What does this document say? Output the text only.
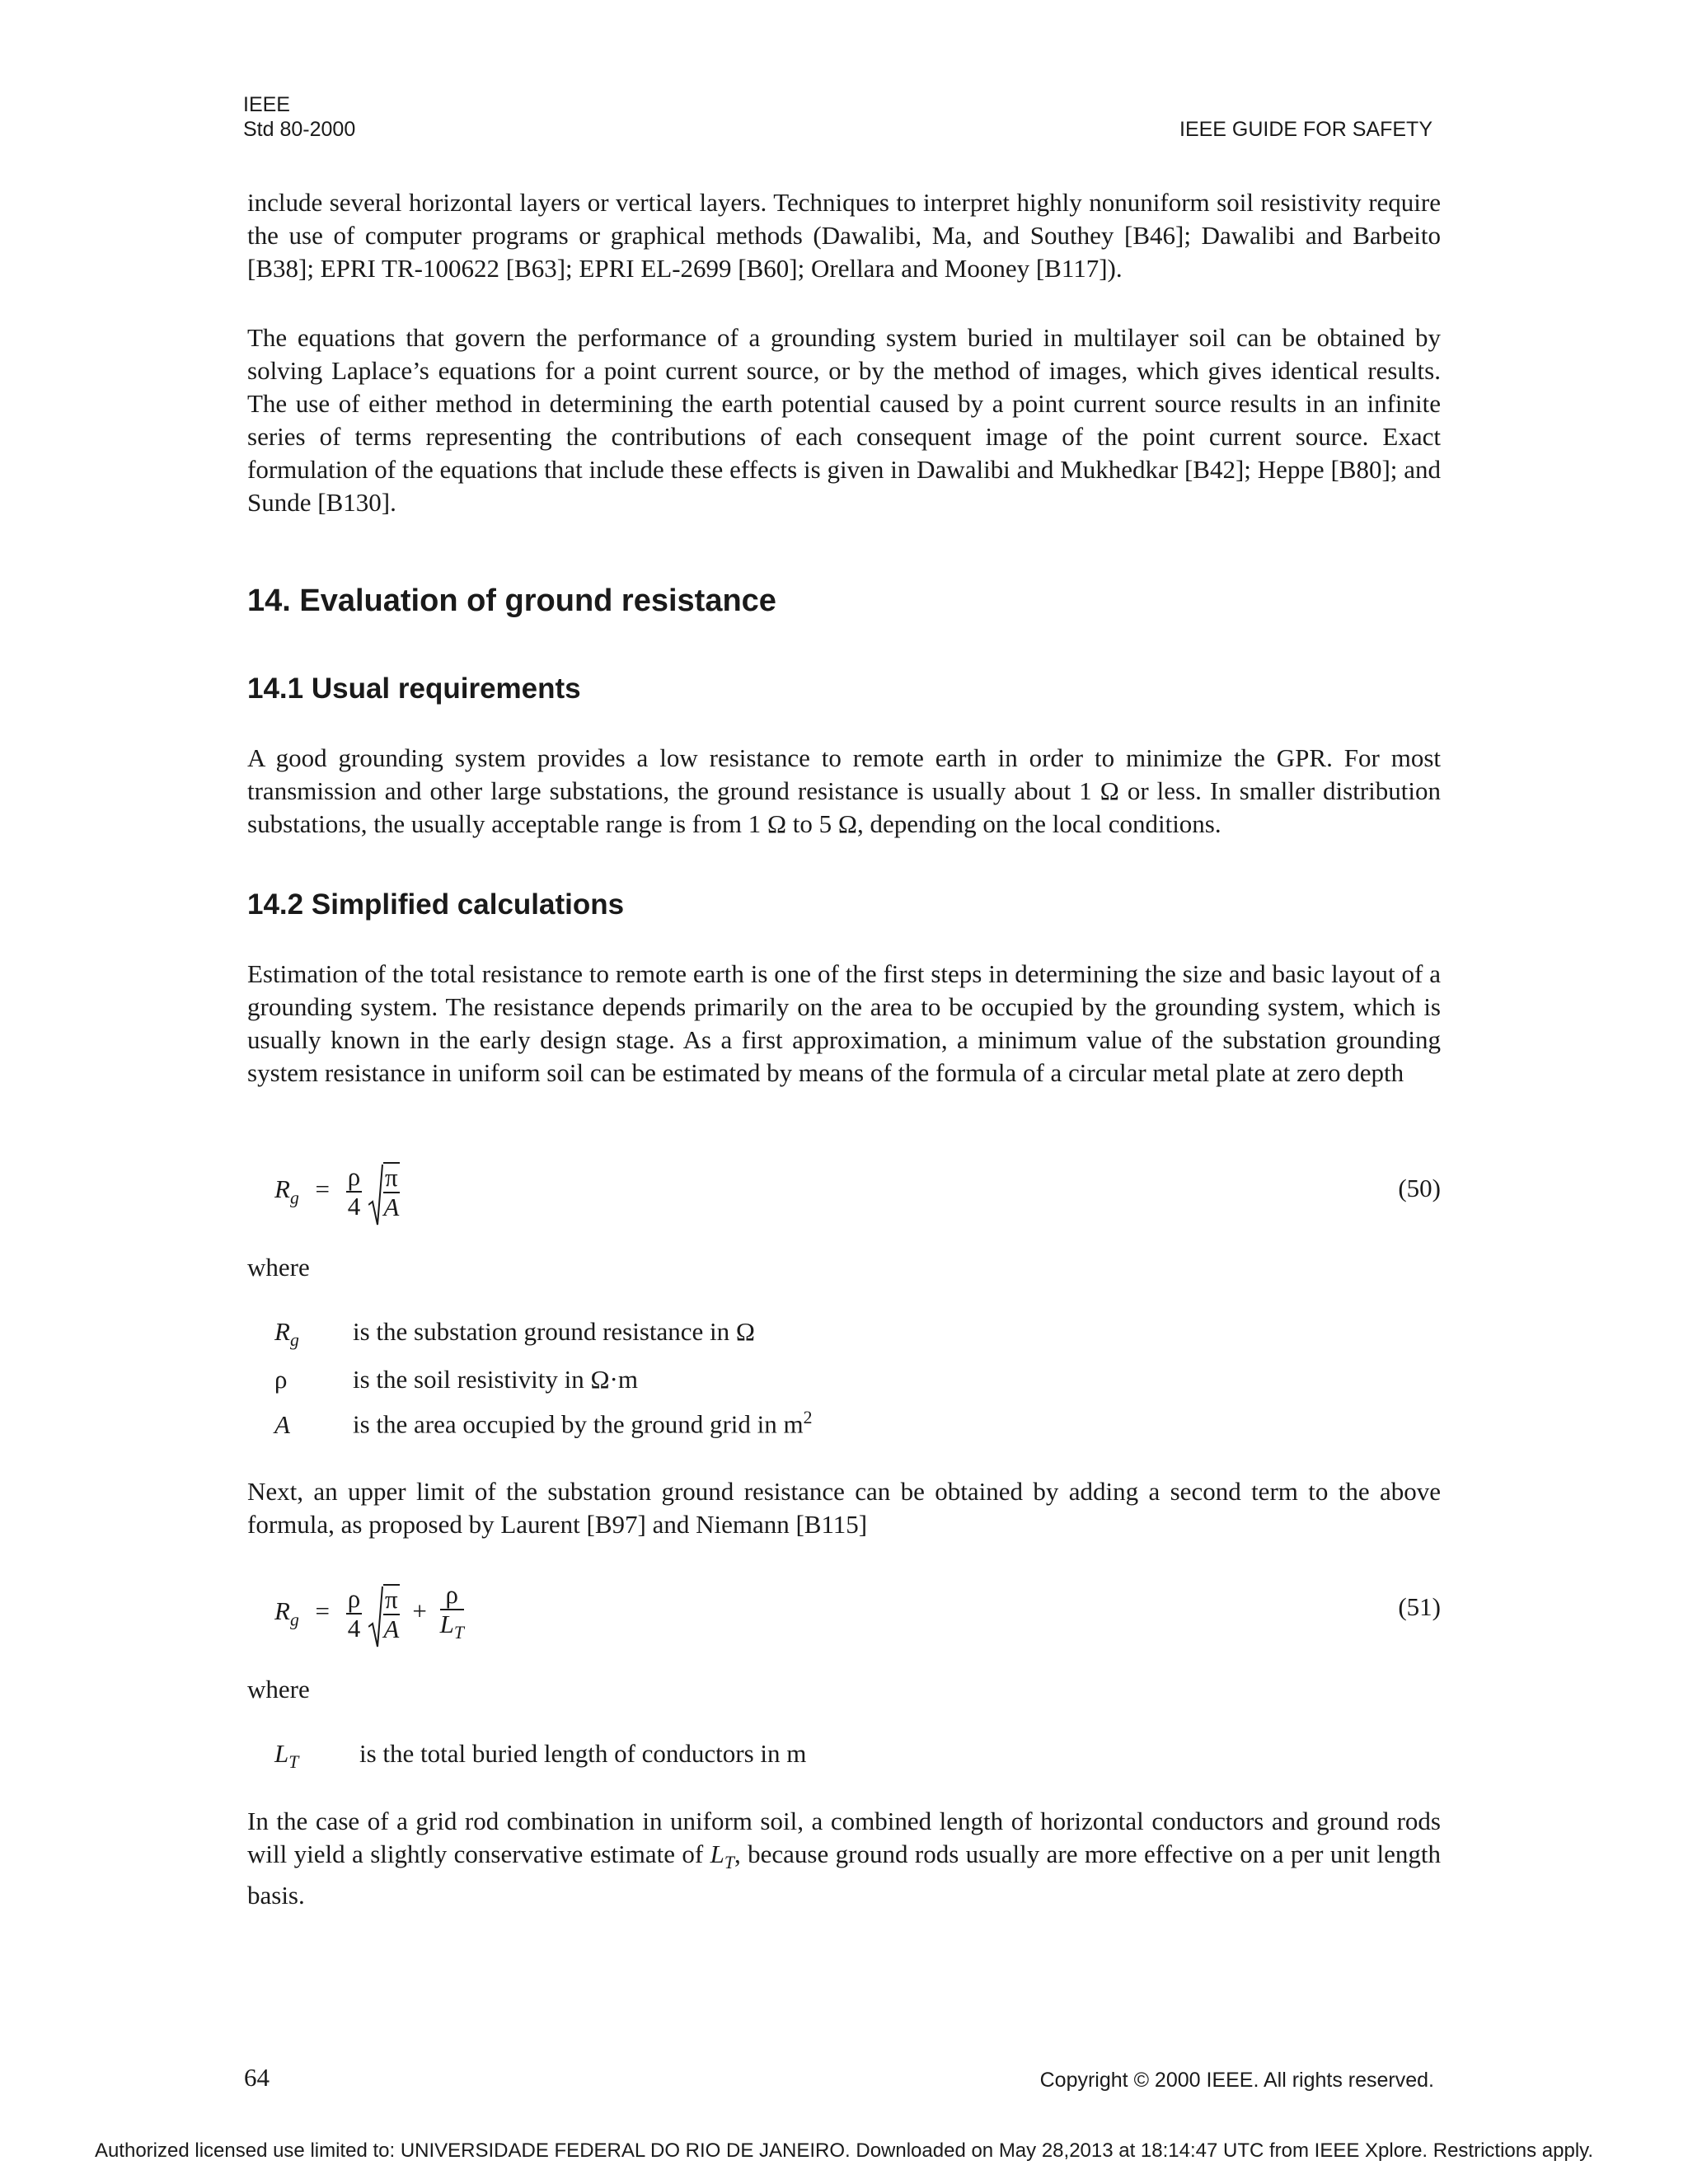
IEEE
Std 80-2000	IEEE GUIDE FOR SAFETY

include several horizontal layers or vertical layers. Techniques to interpret highly nonuniform soil resistivity require the use of computer programs or graphical methods (Dawalibi, Ma, and Southey [B46]; Dawalibi and Barbeito [B38]; EPRI TR-100622 [B63]; EPRI EL-2699 [B60]; Orellara and Mooney [B117]).

The equations that govern the performance of a grounding system buried in multilayer soil can be obtained by solving Laplace’s equations for a point current source, or by the method of images, which gives identical results. The use of either method in determining the earth potential caused by a point current source results in an infinite series of terms representing the contributions of each consequent image of the point current source. Exact formulation of the equations that include these effects is given in Dawalibi and Mukhedkar [B42]; Heppe [B80]; and Sunde [B130].

14. Evaluation of ground resistance
14.1 Usual requirements

A good grounding system provides a low resistance to remote earth in order to minimize the GPR. For most transmission and other large substations, the ground resistance is usually about 1 Ω or less. In smaller distribution substations, the usually acceptable range is from 1 Ω to 5 Ω, depending on the local conditions.

14.2 Simplified calculations

Estimation of the total resistance to remote earth is one of the first steps in determining the size and basic layout of a grounding system. The resistance depends primarily on the area to be occupied by the grounding system, which is usually known in the early design stage. As a first approximation, a minimum value of the substation grounding system resistance in uniform soil can be estimated by means of the formula of a circular metal plate at zero depth

$R_g = \frac{\rho}{4}$
$\frac{\pi}{A}$	(50)
where
$R_g$ is the substation ground resistance in Ω
ρ	is the soil resistivity in Ω·m
A is the area occupied by the ground grid in $m^2$

Next, an upper limit of the substation ground resistance can be obtained by adding a second term to the above formula, as proposed by Laurent [B97] and Niemann [B115]

$R_g = \frac{\rho}{4}$
$\frac{\pi}{A} + \frac{\rho}{L_T}$	(51)
where
$L_T$ is the total buried length of conductors in m

In the case of a grid rod combination in uniform soil, a combined length of horizontal conductors and ground rods will yield a slightly conservative estimate of $L_T$, because ground rods usually are more effective on a per unit length basis.

64	Copyright © 2000 IEEE. All rights reserved.
Authorized licensed use limited to: UNIVERSIDADE FEDERAL DO RIO DE JANEIRO. Downloaded on May 28,2013 at 18:14:47 UTC from IEEE Xplore. Restrictions apply.
